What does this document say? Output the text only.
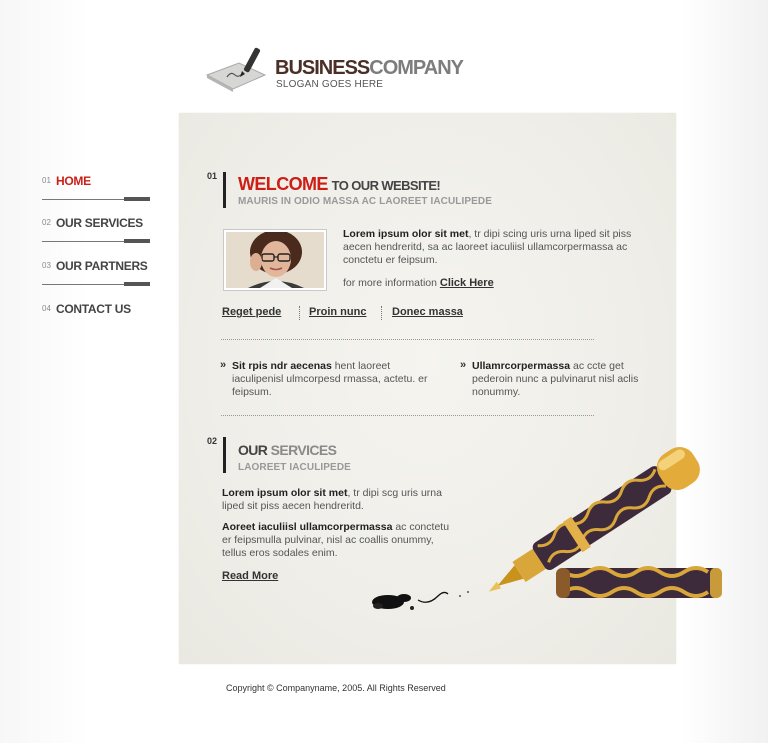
BUSINESSCOMPANY
SLOGAN GOES HERE
01 HOME
02 OUR SERVICES
03 OUR PARTNERS
04 CONTACT US
01 WELCOME TO OUR WEBSITE!
MAURIS IN ODIO MASSA AC LAOREET IACULIPEDE
Lorem ipsum olor sit met, tr dipi scing uris urna liped sit piss aecen hendreritd, sa ac laoreet iaculiisl ullamcorpermassa ac conctetu er feipsum.
for more information Click Here
Reget pede	Proin nunc Donec massa
» Sit rpis ndr aecenas hent laoreet iaculipenisl ulmcorpesd rmassa, actetu. er feipsum.
» Ullamrcorpermassa ac ccte get pederoin nunc a pulvinarut nisl aclis nonummy.
02
OUR SERVICES
LAOREET IACULIPEDE
Lorem ipsum olor sit met, tr dipi scg uris urna liped sit piss aecen hendreritd.
Aoreet iaculiisl ullamcorpermassa ac conctetu er feipsmulla pulvinar, nisl ac coallis onummy, tellus eros sodales enim.
Read More
Copyright © Companyname, 2005. All Rights Reserved
